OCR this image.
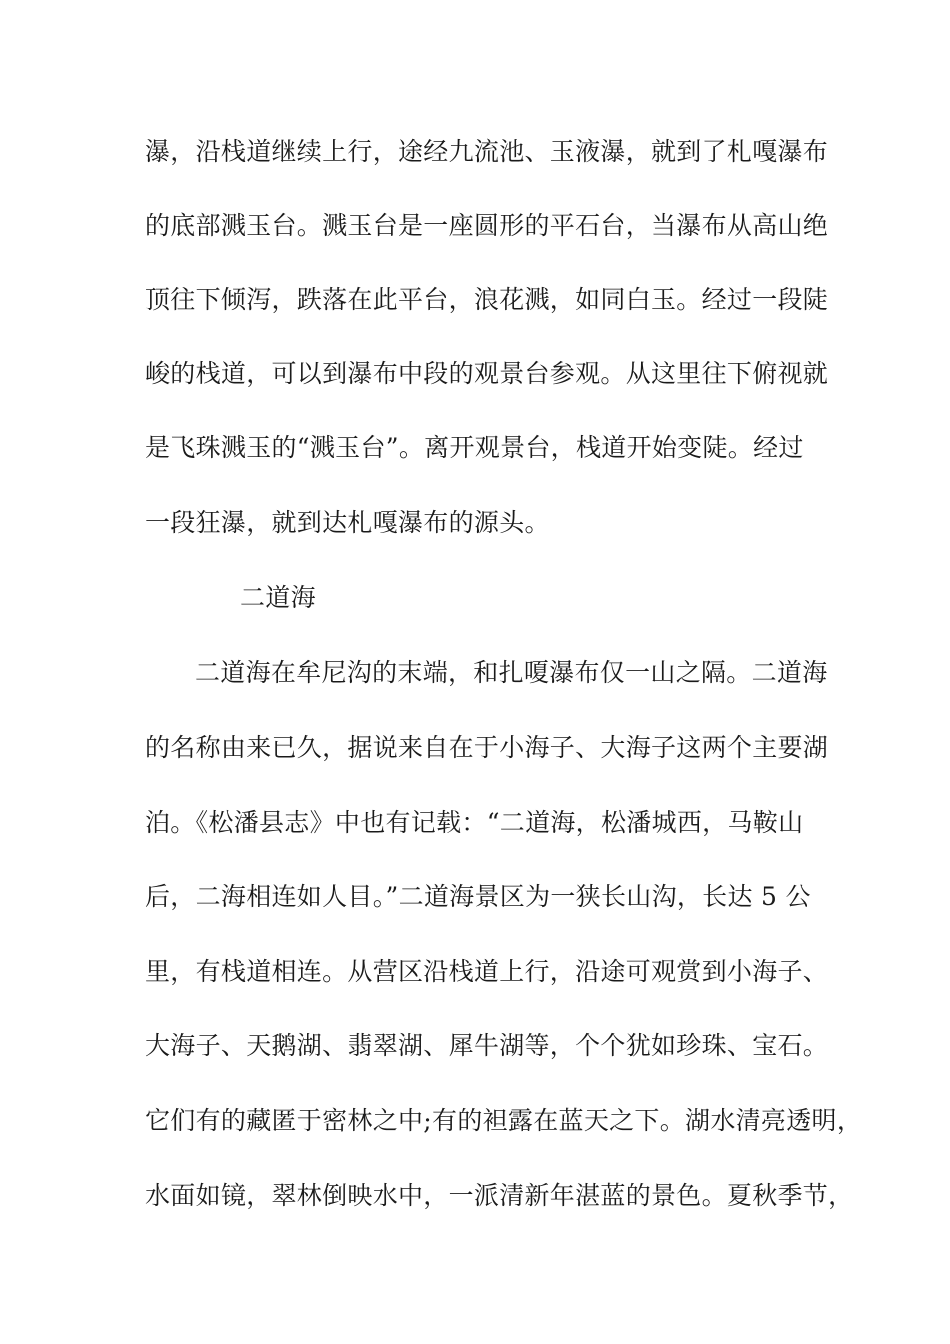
瀑，沿栈道继续上行，途经九流池、玉液瀑，就到了札嘎瀑布

的底部溅玉台。溅玉台是一座圆形的平石台，当瀑布从高山绝

顶往下倾泻，跌落在此平台，浪花溅，如同白玉。经过一段陡

峻的栈道，可以到瀑布中段的观景台参观。从这里往下俯视就

是飞珠溅玉的“溅玉台”。离开观景台，栈道开始变陡。经过

一段狂瀑，就到达札嘎瀑布的源头。

二道海

二道海在牟尼沟的末端，和扎嗄瀑布仅一山之隔。二道海

的名称由来已久，据说来自在于小海子、大海子这两个主要湖

泊。《松潘县志》中也有记载：“二道海，松潘城西，马鞍山

后，二海相连如人目。”二道海景区为一狭长山沟，长达 5 公

里，有栈道相连。从营区沿栈道上行，沿途可观赏到小海子、

大海子、天鹅湖、翡翠湖、犀牛湖等，个个犹如珍珠、宝石。

它们有的藏匿于密林之中;有的袒露在蓝天之下。湖水清亮透明，

水面如镜，翠林倒映水中，一派清新年湛蓝的景色。夏秋季节，
